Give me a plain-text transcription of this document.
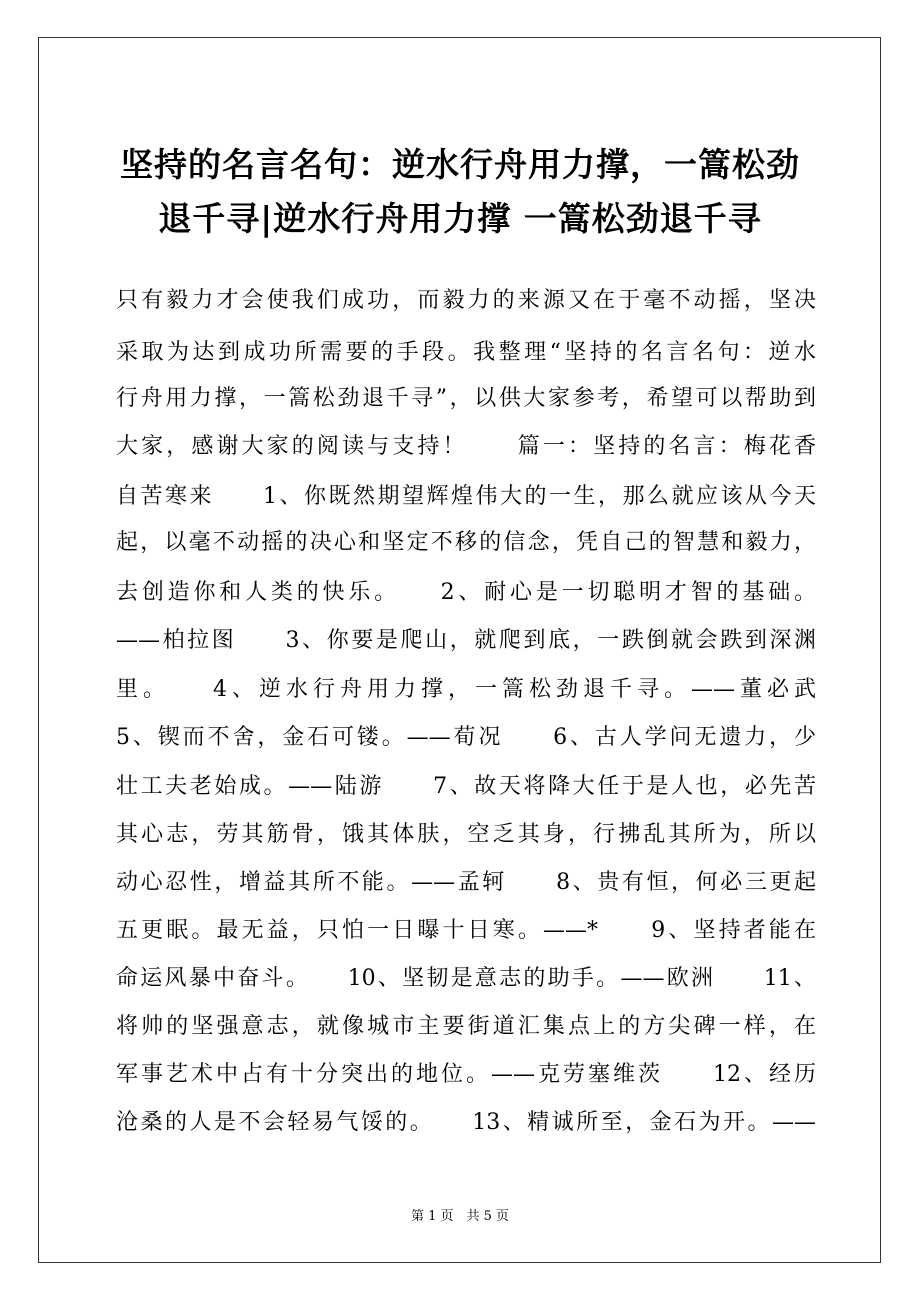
坚持的名言名句：逆水行舟用力撑，一篙松劲
退千寻|逆水行舟用力撑 一篙松劲退千寻
只有毅力才会使我们成功，而毅力的来源又在于毫不动摇，坚决
采取为达到成功所需要的手段。我整理“坚持的名言名句：逆水
行舟用力撑，一篙松劲退千寻”，以供大家参考，希望可以帮助到
大家，感谢大家的阅读与支持！　　篇一：坚持的名言：梅花香
自苦寒来　　1、你既然期望辉煌伟大的一生，那么就应该从今天
起，以毫不动摇的决心和坚定不移的信念，凭自己的智慧和毅力，
去创造你和人类的快乐。　　2、耐心是一切聪明才智的基础。
——柏拉图　　3、你要是爬山，就爬到底，一跌倒就会跌到深渊
里。　　4、逆水行舟用力撑，一篙松劲退千寻。——董必武
5、锲而不舍，金石可镂。——荀况　　6、古人学问无遗力，少
壮工夫老始成。——陆游　　7、故天将降大任于是人也，必先苦
其心志，劳其筋骨，饿其体肤，空乏其身，行拂乱其所为，所以
动心忍性，增益其所不能。——孟轲　　8、贵有恒，何必三更起
五更眠。最无益，只怕一日曝十日寒。——*　　9、坚持者能在
命运风暴中奋斗。　　10、坚韧是意志的助手。——欧洲　　11、
将帅的坚强意志，就像城市主要街道汇集点上的方尖碑一样，在
军事艺术中占有十分突出的地位。——克劳塞维茨　　12、经历
沧桑的人是不会轻易气馁的。　　13、精诚所至，金石为开。——
第 1 页　共 5 页
